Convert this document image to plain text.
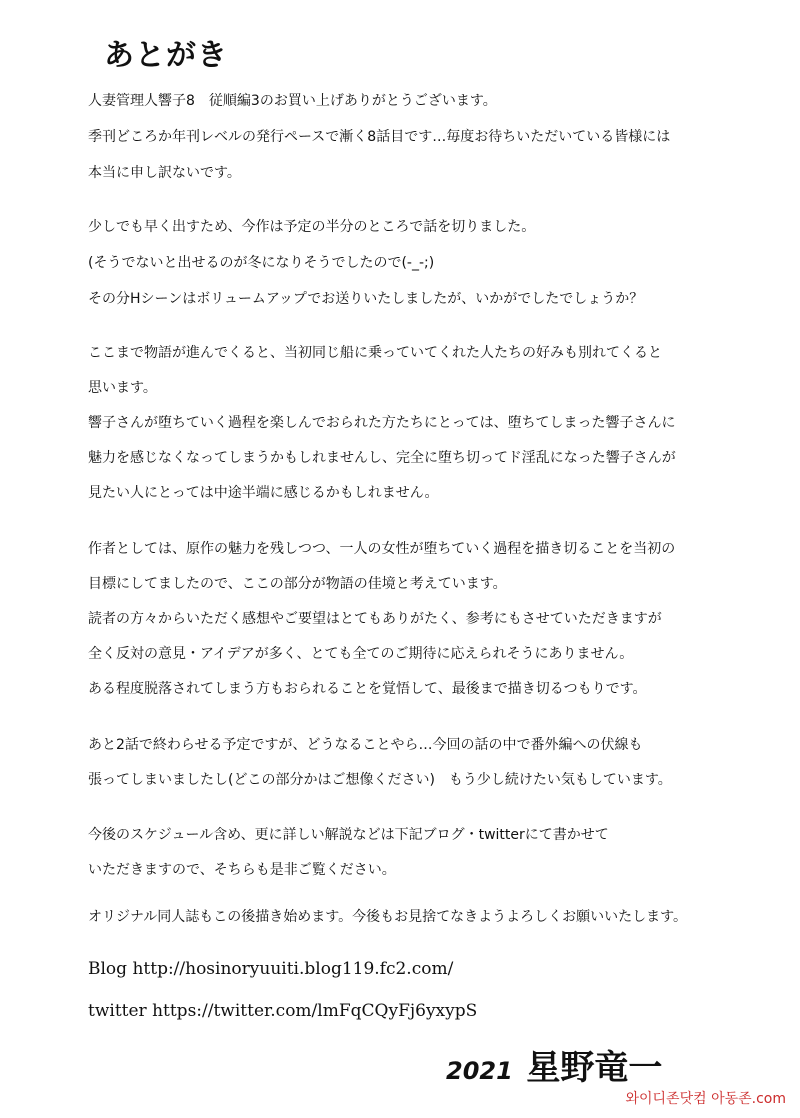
あとがき
人妻管理人響子8　従順編3のお買い上げありがとうございます。
季刊どころか年刊レベルの発行ペースで漸く8話目です…毎度お待ちいただいている皆様には
本当に申し訳ないです。
少しでも早く出すため、今作は予定の半分のところで話を切りました。
(そうでないと出せるのが冬になりそうでしたので(-_-;)
その分Hシーンはボリュームアップでお送りいたしましたが、いかがでしたでしょうか？
ここまで物語が進んでくると、当初同じ船に乗っていてくれた人たちの好みも別れてくると
思います。
響子さんが堕ちていく過程を楽しんでおられた方たちにとっては、堕ちてしまった響子さんに
魅力を感じなくなってしまうかもしれませんし、完全に堕ち切ってド淫乱になった響子さんが
見たい人にとっては中途半端に感じるかもしれません。
作者としては、原作の魅力を残しつつ、一人の女性が堕ちていく過程を描き切ることを当初の
目標にしてましたので、ここの部分が物語の佳境と考えています。
読者の方々からいただく感想やご要望はとてもありがたく、参考にもさせていただきますが
全く反対の意見・アイデアが多く、とても全てのご期待に応えられそうにありません。
ある程度脱落されてしまう方もおられることを覚悟して、最後まで描き切るつもりです。
あと2話で終わらせる予定ですが、どうなることやら…今回の話の中で番外編への伏線も
張ってしまいましたし(どこの部分かはご想像ください)　もう少し続けたい気もしています。
今後のスケジュール含め、更に詳しい解説などは下記ブログ・twitterにて書かせて
いただきますので、そちらも是非ご覧ください。
オリジナル同人誌もこの後描き始めます。今後もお見捨てなきようよろしくお願いいたします。
Blog http://hosinoryuuiti.blog119.fc2.com/
twitter https://twitter.com/lmFqCQyFj6yxypS
2021 星野竜一
와이디존닷컴 아동존.com
